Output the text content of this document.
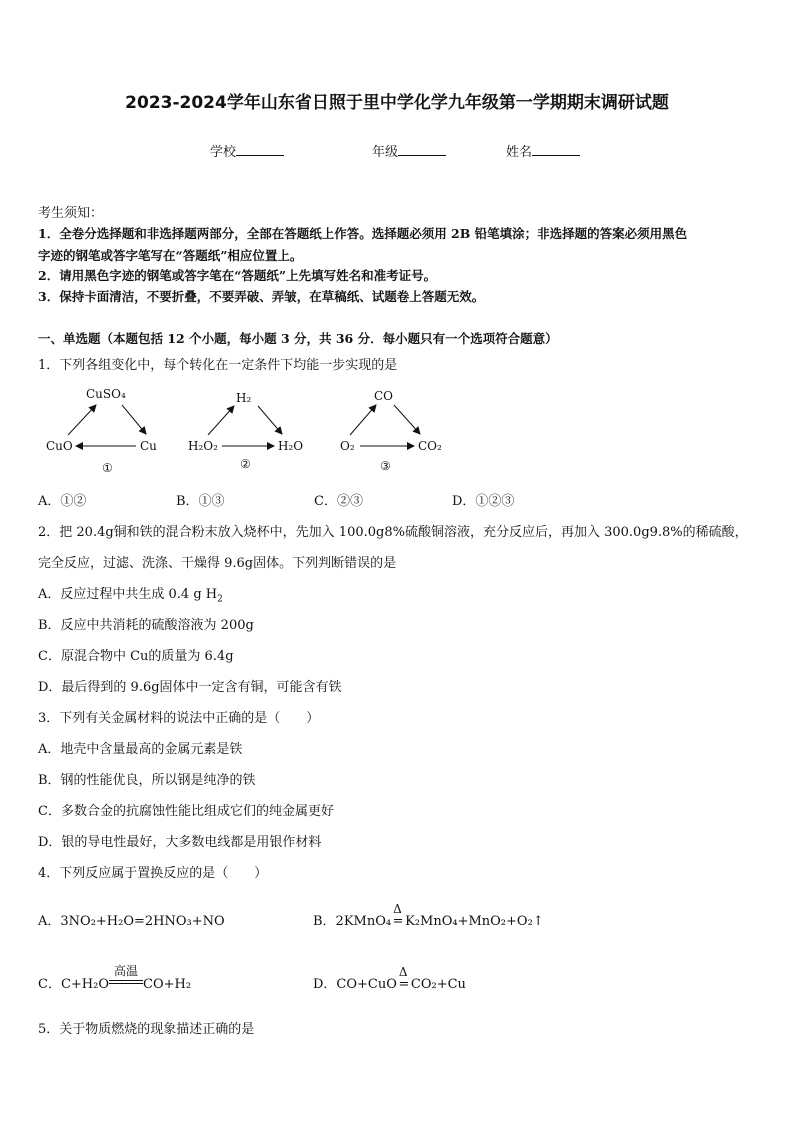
2023-2024学年山东省日照于里中学化学九年级第一学期期末调研试题
学校	年级	姓名
考生须知：
1．全卷分选择题和非选择题两部分，全部在答题纸上作答。选择题必须用 2B 铅笔填涂；非选择题的答案必须用黑色
字迹的钢笔或答字笔写在“答题纸”相应位置上。
2．请用黑色字迹的钢笔或答字笔在“答题纸”上先填写姓名和准考证号。
3．保持卡面清洁，不要折叠，不要弄破、弄皱，在草稿纸、试题卷上答题无效。
一、单选题（本题包括 12 个小题，每小题 3 分，共 36 分．每小题只有一个选项符合题意）
1．下列各组变化中，每个转化在一定条件下均能一步实现的是
CuSO₄
CuO	Cu
①
H₂
H₂O₂	H₂O
②
CO
O₂	CO₂
③
A．①②	B．①③	C．②③	D．①②③
2．把 20.4g铜和铁的混合粉末放入烧杯中，先加入 100.0g8%硫酸铜溶液，充分反应后，再加入 300.0g9.8%的稀硫酸，
完全反应，过滤、洗涤、干燥得 9.6g固体。下列判断错误的是
A．反应过程中共生成 0.4 g $H_2$
B．反应中共消耗的硫酸溶液为 200g
C．原混合物中 Cu的质量为 6.4g
D．最后得到的 9.6g固体中一定含有铜，可能含有铁
3．下列有关金属材料的说法中正确的是（　　）
A．地壳中含量最高的金属元素是铁
B．钢的性能优良，所以钢是纯净的铁
C．多数合金的抗腐蚀性能比组成它们的纯金属更好
D．银的导电性最好，大多数电线都是用银作材料
4．下列反应属于置换反应的是（　　）
A．3NO₂+H₂O=2HNO₃+NO	B．2KMnO₄
Δ
= K₂MnO₄+MnO₂+O₂↑
C．C+H₂O
高温
CO+H₂	D．CO+CuO
Δ
= CO₂+Cu
5．关于物质燃烧的现象描述正确的是
